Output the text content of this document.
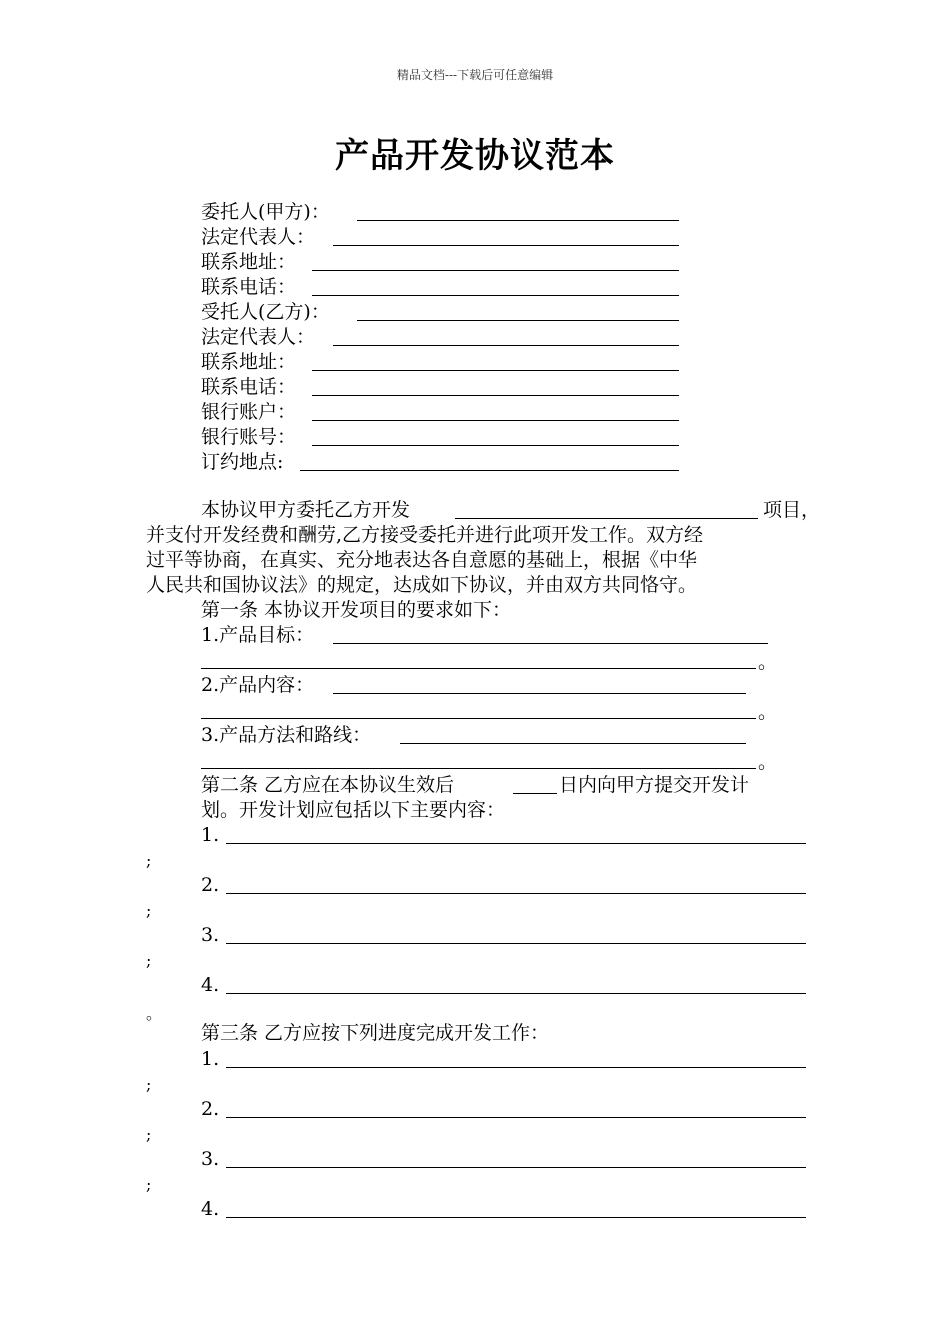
精品文档---下载后可任意编辑
产品开发协议范本
委托人(甲方)：
法定代表人：
联系地址：
联系电话：
受托人(乙方)：
法定代表人：
联系地址：
联系电话：
银行账户：
银行账号：
订约地点:
本协议甲方委托乙方开发	项目，
并支付开发经费和酬劳,乙方接受委托并进行此项开发工作。双方经
过平等协商，在真实、充分地表达各自意愿的基础上，根据《中华
人民共和国协议法》的规定，达成如下协议，并由双方共同恪守。
第一条 本协议开发项目的要求如下：
1.产品目标：
。
2.产品内容：
。
3.产品方法和路线：
。
第二条 乙方应在本协议生效后	日内向甲方提交开发计
划。开发计划应包括以下主要内容：
1.
;
2.
;
3.
;
4.
。
第三条 乙方应按下列进度完成开发工作：
1.
;
2.
;
3.
;
4.
